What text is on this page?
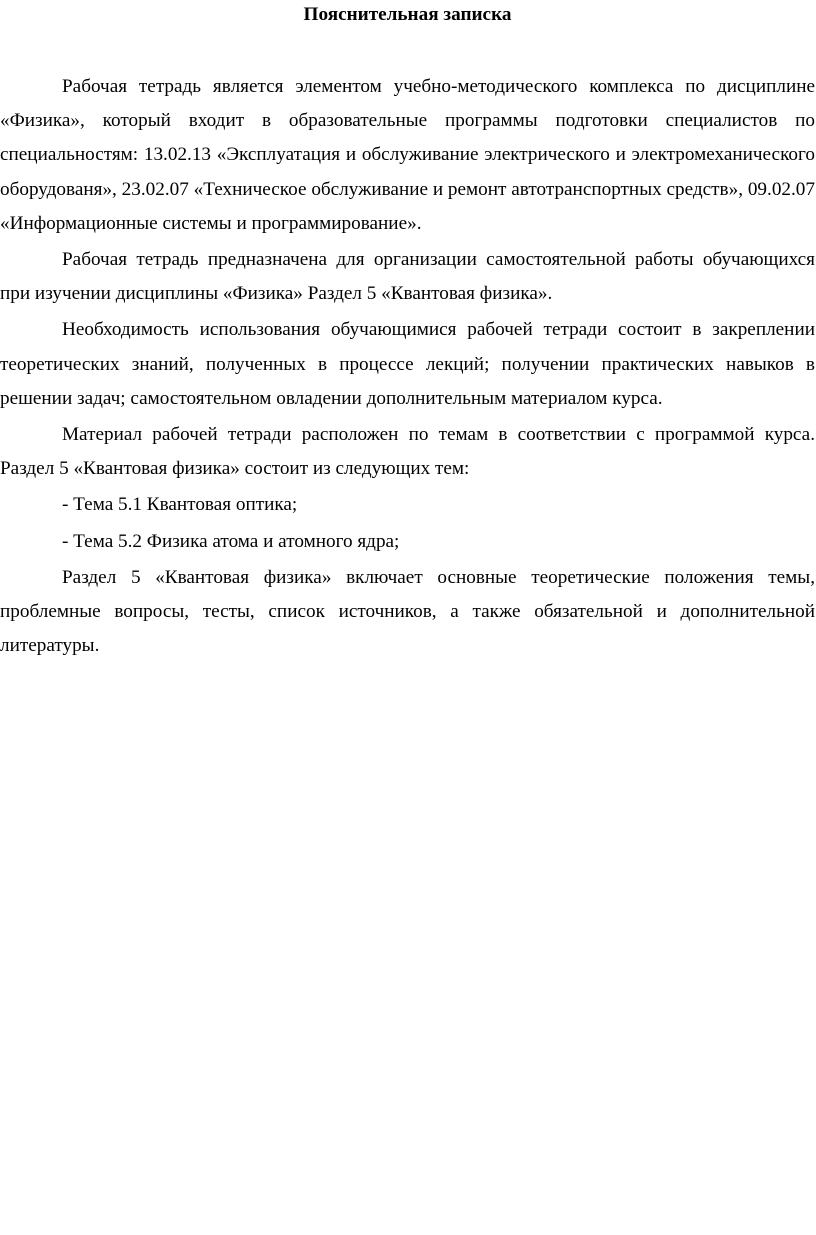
Пояснительная записка

Рабочая тетрадь является элементом учебно-методического комплекса по дисциплине «Физика», который входит в образовательные программы подготовки специалистов по специальностям: 13.02.13 «Эксплуатация и обслуживание электрического и электромеханического оборудованя», 23.02.07 «Техническое обслуживание и ремонт автотранспортных средств», 09.02.07 «Информационные системы и программирование».

Рабочая тетрадь предназначена для организации самостоятельной работы обучающихся при изучении дисциплины «Физика» Раздел 5 «Квантовая физика».

Необходимость использования обучающимися рабочей тетради состоит в закреплении теоретических знаний, полученных в процессе лекций; получении практических навыков в решении задач; самостоятельном овладении дополнительным материалом курса.

Материал рабочей тетради расположен по темам в соответствии с программой курса. Раздел 5 «Квантовая физика» состоит из следующих тем:

- Тема 5.1 Квантовая оптика;

- Тема 5.2 Физика атома и атомного ядра;

Раздел 5 «Квантовая физика» включает основные теоретические положения темы, проблемные вопросы, тесты, список источников, а также обязательной и дополнительной литературы.
